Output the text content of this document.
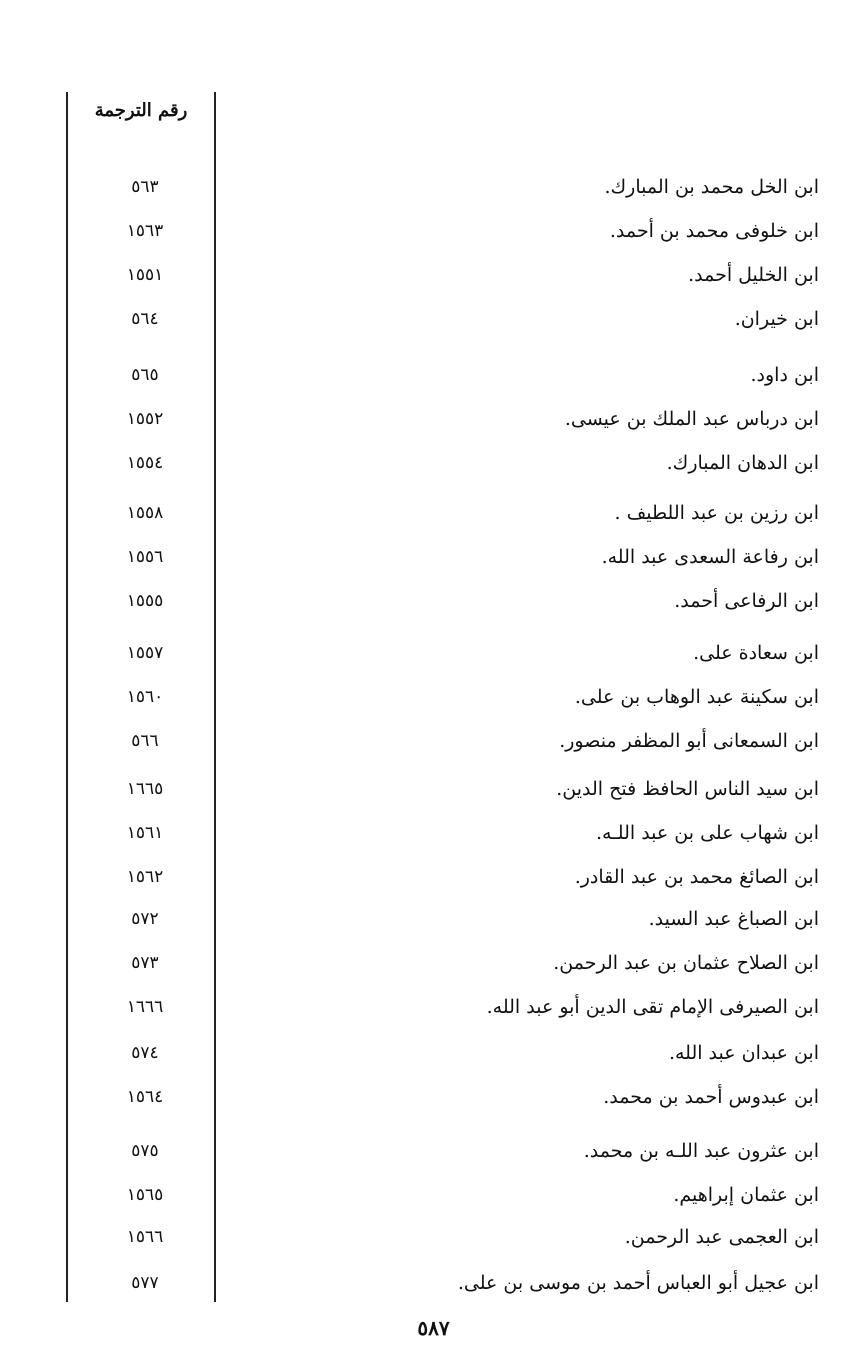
رقم الترجمة
٥٦٣	ابن الخل محمد بن المبارك.
١٥٦٣	ابن خلوفى محمد بن أحمد.
١٥٥١	ابن الخليل أحمد.
٥٦٤	ابن خيران.
٥٦٥	ابن داود.
١٥٥٢	ابن درباس عبد الملك بن عيسى.
١٥٥٤	ابن الدهان المبارك.
١٥٥٨	ابن رزين بن عبد اللطيف .
١٥٥٦	ابن رفاعة السعدى عبد الله.
١٥٥٥	ابن الرفاعى أحمد.
١٥٥٧	ابن سعادة على.
١٥٦٠	ابن سكينة عبد الوهاب بن على.
٥٦٦	ابن السمعانى أبو المظفر منصور.
١٦٦٥	ابن سيد الناس الحافظ فتح الدين.
١٥٦١	ابن شهاب على بن عبد اللـه.
١٥٦٢	ابن الصائغ محمد بن عبد القادر.
٥٧٢	ابن الصباغ عبد السيد.
٥٧٣	ابن الصلاح عثمان بن عبد الرحمن.
١٦٦٦	ابن الصيرفى الإمام تقى الدين أبو عبد الله.
٥٧٤	ابن عبدان عبد الله.
١٥٦٤	ابن عبدوس أحمد بن محمد.
٥٧٥	ابن عثرون عبد اللـه بن محمد.
١٥٦٥	ابن عثمان إبراهيم.
١٥٦٦	ابن العجمى عبد الرحمن.
٥٧٧	ابن عجيل أبو العباس أحمد بن موسى بن على.
٥٨٧
